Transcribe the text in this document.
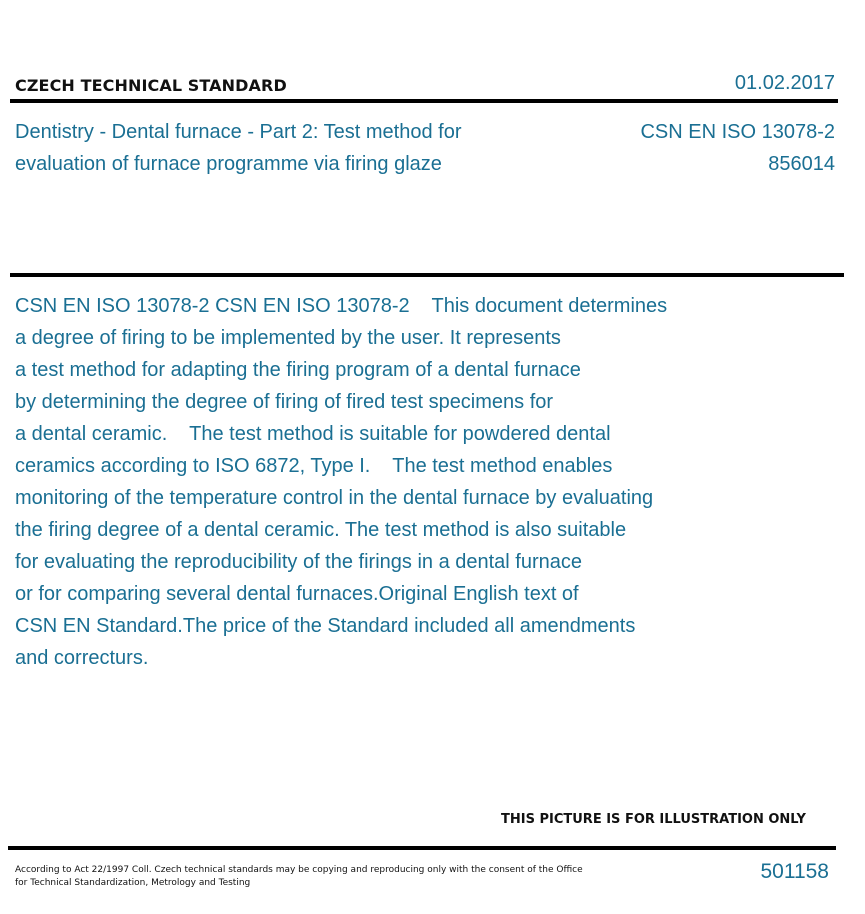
CZECH TECHNICAL STANDARD	01.02.2017
Dentistry - Dental furnace - Part 2: Test method for
evaluation of furnace programme via firing glaze
CSN EN ISO 13078-2
856014
CSN EN ISO 13078-2 CSN EN ISO 13078-2    This document determines
a degree of firing to be implemented by the user. It represents
a test method for adapting the firing program of a dental furnace
by determining the degree of firing of fired test specimens for
a dental ceramic.    The test method is suitable for powdered dental
ceramics according to ISO 6872, Type I.    The test method enables
monitoring of the temperature control in the dental furnace by evaluating
the firing degree of a dental ceramic. The test method is also suitable
for evaluating the reproducibility of the firings in a dental furnace
or for comparing several dental furnaces.Original English text of
CSN EN Standard.The price of the Standard included all amendments
and correcturs.
THIS PICTURE IS FOR ILLUSTRATION ONLY
According to Act 22/1997 Coll. Czech technical standards may be copying and reproducing only with the consent of the Office
for Technical Standardization, Metrology and Testing	501158
